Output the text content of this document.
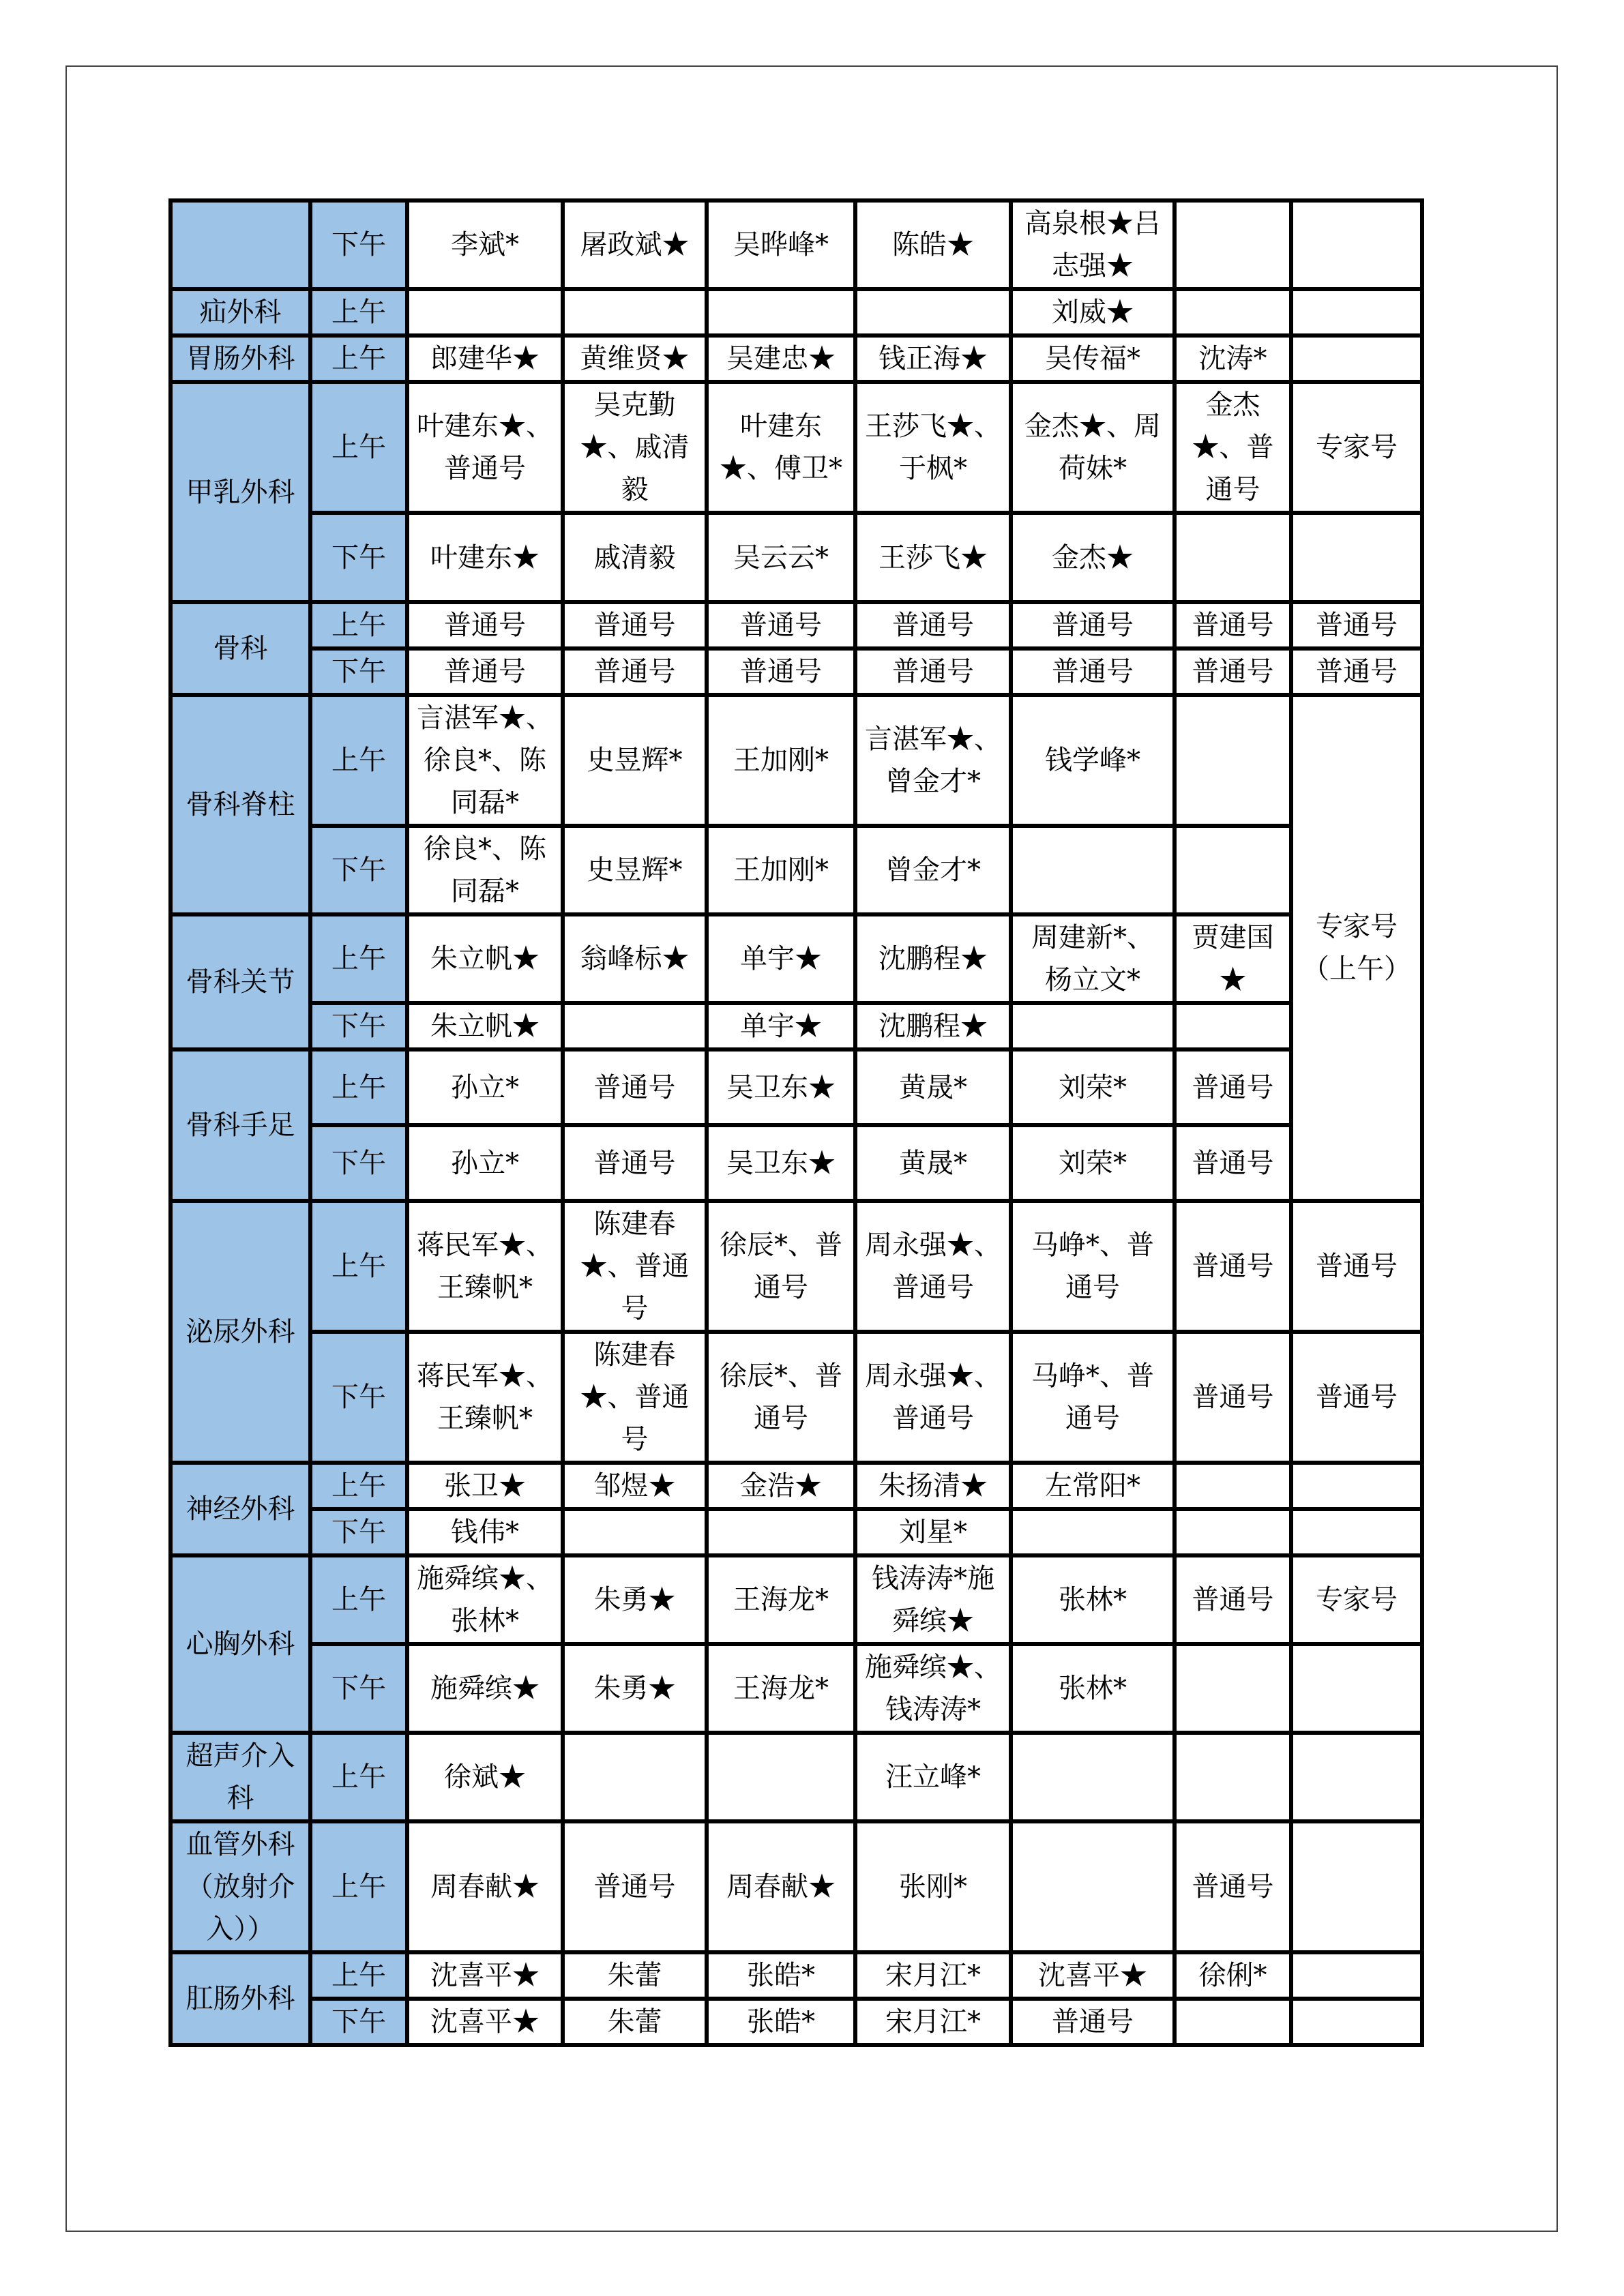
	下午	李斌*	屠政斌★	吴晔峰*	陈皓★	高泉根★吕志强★		
疝外科	上午					刘威★		
胃肠外科	上午	郎建华★	黄维贤★	吴建忠★	钱正海★	吴传福*	沈涛*	
甲乳外科	上午	叶建东★、普通号	吴克勤★、戚清毅	叶建东★、傅卫*	王莎飞★、于枫*	金杰★、周荷妹*	金杰★、普通号	专家号
	下午	叶建东★	戚清毅	吴云云*	王莎飞★	金杰★		
骨科	上午	普通号	普通号	普通号	普通号	普通号	普通号	普通号
	下午	普通号	普通号	普通号	普通号	普通号	普通号	普通号
骨科脊柱	上午	言湛军★、徐良*、陈同磊*	史昱辉*	王加刚*	言湛军★、曾金才*	钱学峰*		专家号（上午）
	下午	徐良*、陈同磊*	史昱辉*	王加刚*	曾金才*			
骨科关节	上午	朱立帆★	翁峰标★	单宇★	沈鹏程★	周建新*、杨立文*	贾建国★	
	下午	朱立帆★		单宇★	沈鹏程★			
骨科手足	上午	孙立*	普通号	吴卫东★	黄晟*	刘荣*	普通号	
	下午	孙立*	普通号	吴卫东★	黄晟*	刘荣*	普通号	
泌尿外科	上午	蒋民军★、王臻帆*	陈建春★、普通号	徐辰*、普通号	周永强★、普通号	马峥*、普通号	普通号	普通号
	下午	蒋民军★、王臻帆*	陈建春★、普通号	徐辰*、普通号	周永强★、普通号	马峥*、普通号	普通号	普通号
神经外科	上午	张卫★	邹煜★	金浩★	朱扬清★	左常阳*		
	下午	钱伟*			刘星*			
心胸外科	上午	施舜缤★、张林*	朱勇★	王海龙*	钱涛涛*施舜缤★	张林*	普通号	专家号
	下午	施舜缤★	朱勇★	王海龙*	施舜缤★、钱涛涛*	张林*		
超声介入科	上午	徐斌★			汪立峰*			
血管外科（放射介入））	上午	周春献★	普通号	周春献★	张刚*		普通号	
肛肠外科	上午	沈喜平★	朱蕾	张皓*	宋月江*	沈喜平★	徐俐*	
	下午	沈喜平★	朱蕾	张皓*	宋月江*	普通号		
